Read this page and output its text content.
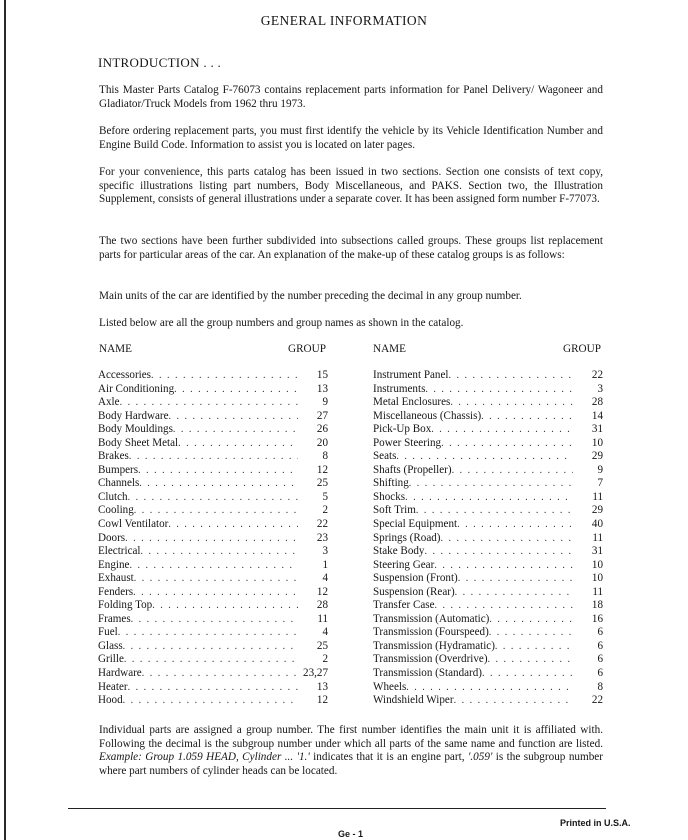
GENERAL INFORMATION
INTRODUCTION . . .
This Master Parts Catalog F-76073 contains replacement parts information for Panel Delivery/ Wagoneer and Gladiator/Truck Models from 1962 thru 1973.
Before ordering replacement parts, you must first identify the vehicle by its Vehicle Identification Number and Engine Build Code. Information to assist you is located on later pages.
For your convenience, this parts catalog has been issued in two sections. Section one consists of text copy, specific illustrations listing part numbers, Body Miscellaneous, and PAKS. Section two, the Illustration Supplement, consists of general illustrations under a separate cover. It has been assigned form number F-77073.
The two sections have been further subdivided into subsections called groups. These groups list replacement parts for particular areas of the car. An explanation of the make-up of these catalog groups is as follows:
Main units of the car are identified by the number preceding the decimal in any group number.
Listed below are all the group numbers and group names as shown in the catalog.
NAME	GROUP	NAME	GROUP
Accessories . . .	15
Air Conditioning . . .	13
Axle . . .	9
Body Hardware . . .	27
Body Mouldings . . .	26
Body Sheet Metal . . .	20
Brakes . . .	8
Bumpers . . .	12
Channels . . .	25
Clutch . . .	5
Cooling . . .	2
Cowl Ventilator . . .	22
Doors . . .	23
Electrical . . .	3
Engine . . .	1
Exhaust . . .	4
Fenders . . .	12
Folding Top . . .	28
Frames . . .	11
Fuel . . .	4
Glass . . .	25
Grille . . .	2
Hardware . . .	23,27
Heater . . .	13
Hood . . .	12
Instrument Panel . . .	22
Instruments . . .	3
Metal Enclosures . . .	28
Miscellaneous (Chassis) . . .	14
Pick-Up Box . . .	31
Power Steering . . .	10
Seats . . .	29
Shafts (Propeller) . . .	9
Shifting . . .	7
Shocks . . .	11
Soft Trim . . .	29
Special Equipment . . .	40
Springs (Road) . . .	11
Stake Body . . .	31
Steering Gear . . .	10
Suspension (Front) . . .	10
Suspension (Rear) . . .	11
Transfer Case . . .	18
Transmission (Automatic) . . .	16
Transmission (Fourspeed) . . .	6
Transmission (Hydramatic) . . .	6
Transmission (Overdrive) . . .	6
Transmission (Standard) . . .	6
Wheels . . .	8
Windshield Wiper . . .	22
Individual parts are assigned a group number. The first number identifies the main unit it is affiliated with. Following the decimal is the subgroup number under which all parts of the same name and function are listed. Example: Group 1.059 HEAD, Cylinder ... '1.' indicates that it is an engine part, '.059' is the subgroup number where part numbers of cylinder heads can be located.
Printed in U.S.A.
Ge - 1
